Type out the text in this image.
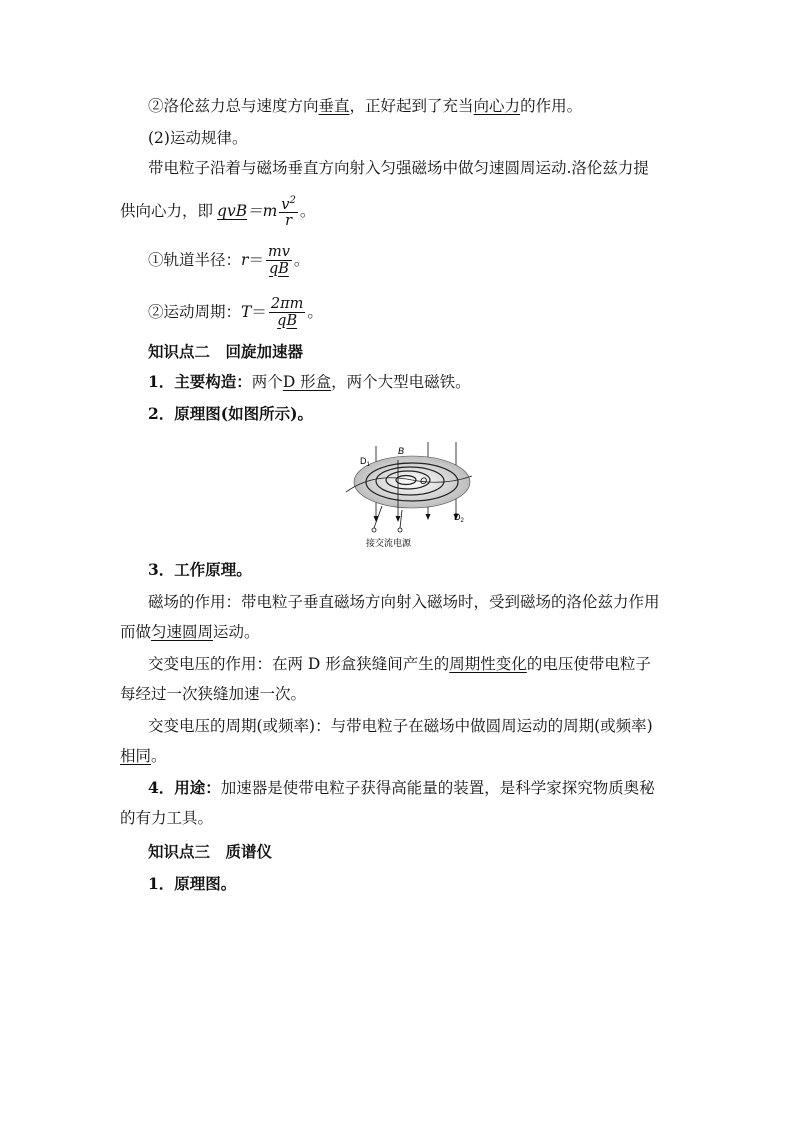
②洛伦兹力总与速度方向垂直，正好起到了充当向心力的作用。
(2)运动规律。
带电粒子沿着与磁场垂直方向射入匀强磁场中做匀速圆周运动.洛伦兹力提
供向心力，即 qvB $=m \frac{v^2}{r}$ 。
①轨道半径： $r = \frac{mv}{qB}$ 。
②运动周期： $T = \frac{2\pi m}{qB}$ 。
知识点二　回旋加速器
1．主要构造：两个D 形盒，两个大型电磁铁。
2．原理图(如图所示)。
$D_1$
B
O
$D_2$
接交流电源
3．工作原理。
磁场的作用：带电粒子垂直磁场方向射入磁场时，受到磁场的洛伦兹力作用
而做匀速圆周运动。
交变电压的作用：在两 D 形盒狭缝间产生的周期性变化的电压使带电粒子
每经过一次狭缝加速一次。
交变电压的周期(或频率)：与带电粒子在磁场中做圆周运动的周期(或频率)
相同。
4．用途：加速器是使带电粒子获得高能量的装置，是科学家探究物质奥秘
的有力工具。
知识点三　质谱仪
1．原理图。
